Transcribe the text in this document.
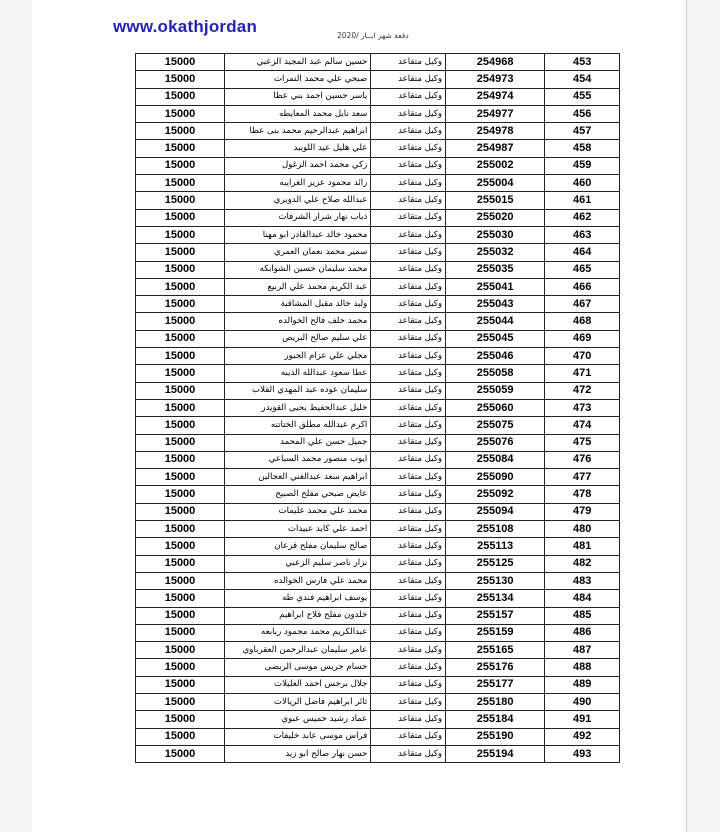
www.okathjordan	دفعة شهر ايــار /2020
15000	حسين سالم عبد المجيد الزعبي	وكيل متقاعد	254968	453
15000	صبحي علي محمد النمرات	وكيل متقاعد	254973	454
15000	ياسر حسين احمد بني عطا	وكيل متقاعد	254974	455
15000	سعد نايل محمد المعايطه	وكيل متقاعد	254977	456
15000	ابراهيم عبدالرحيم محمد بنى عطا	وكيل متقاعد	254978	457
15000	علي هليل عيد اللويبد	وكيل متقاعد	254987	458
15000	زكي محمد احمد الزغول	وكيل متقاعد	255002	459
15000	رائد محمود عزيز الغرايبه	وكيل متقاعد	255004	460
15000	عبدالله صلاح علي الدويري	وكيل متقاعد	255015	461
15000	ذياب نهار شرار الشرفات	وكيل متقاعد	255020	462
15000	محمود خالد عبدالقادر ابو مهنا	وكيل متقاعد	255030	463
15000	سمير محمد نعمان العمري	وكيل متقاعد	255032	464
15000	محمد سليمان حسين الشوابكه	وكيل متقاعد	255035	465
15000	عبد الكريم محمد علي الربيع	وكيل متقاعد	255041	466
15000	وليد خالد مقبل المشاقبة	وكيل متقاعد	255043	467
15000	محمد خلف فالح الخوالده	وكيل متقاعد	255044	468
15000	علي سليم صالح البريص	وكيل متقاعد	255045	469
15000	مجلي علي عزام الجبور	وكيل متقاعد	255046	470
15000	عطا سعود عبدالله الذيبه	وكيل متقاعد	255058	471
15000	سليمان عوده عبد المهدي القلاب	وكيل متقاعد	255059	472
15000	خليل عبدالحفيظ يحيى القويدر	وكيل متقاعد	255060	473
15000	اكرم عبدالله مطلق الختاتنه	وكيل متقاعد	255075	474
15000	جميل حسن علي المحمد	وكيل متقاعد	255076	475
15000	ايوب منصور محمد السباعي	وكيل متقاعد	255084	476
15000	ابراهيم سعد عبدالغني العجالين	وكيل متقاعد	255090	477
15000	عايض صبحي مفلح الصبيح	وكيل متقاعد	255092	478
15000	محمد علي محمد عليمات	وكيل متقاعد	255094	479
15000	احمد علي كايد عبيدات	وكيل متقاعد	255108	480
15000	صالح سليمان مفلح قرعان	وكيل متقاعد	255113	481
15000	نزار ناصر سليم الزعبي	وكيل متقاعد	255125	482
15000	محمد علي فارس الخوالده	وكيل متقاعد	255130	483
15000	يوسف ابراهيم فندي طه	وكيل متقاعد	255134	484
15000	خلدون مفلح فلاح ابراهيم	وكيل متقاعد	255157	485
15000	عبدالكريم محمد محمود ربابعه	وكيل متقاعد	255159	486
15000	عامر سليمان عبدالرحمن العقرباوي	وكيل متقاعد	255165	487
15000	حسام جريس موسى الربضى	وكيل متقاعد	255176	488
15000	جلال برجس احمد الغليلات	وكيل متقاعد	255177	489
15000	ثائر ابراهيم فاضل الريالات	وكيل متقاعد	255180	490
15000	عماد رشيد خميس عبوي	وكيل متقاعد	255184	491
15000	فراس موسى عابد خليفات	وكيل متقاعد	255190	492
15000	حسن نهار صالح ابو زيد	وكيل متقاعد	255194	493
